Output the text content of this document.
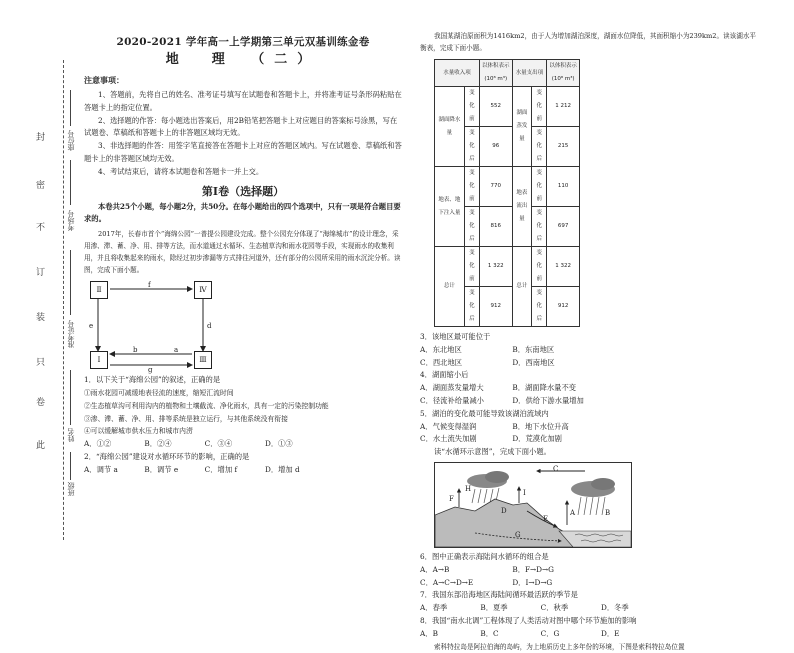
封
密
不
订
装
只
卷
此
座位号
考场号
准考证号
姓名
班级
2020-2021 学年高一上学期第三单元双基训练金卷
地　理　（二）
注意事项：
1、答题前，先将自己的姓名、准考证号填写在试题卷和答题卡上，并将准考证号条形码粘贴在答题卡上的指定位置。
2、选择题的作答：每小题选出答案后，用2B铅笔把答题卡上对应题目的答案标号涂黑，写在试题卷、草稿纸和答题卡上的非答题区域均无效。
3、非选择题的作答：用签字笔直接答在答题卡上对应的答题区域内。写在试题卷、草稿纸和答题卡上的非答题区域均无效。
4、考试结束后，请将本试题卷和答题卡一并上交。
第Ⅰ卷（选择题）
本卷共25个小题，每小题2分，共50分。在每小题给出的四个选项中，只有一项是符合题目要求的。
2017年，长春市首个“海绵公园”一普提公园建设完成。整个公园充分体现了“海绵城市”的设计理念，采用渗、滞、蓄、净、用、排等方法，而水道通过水循环、生态植草沟和雨水花园等手段，实现雨水的收集利用，并且将收集起来的雨水，除经过初步渗漏等方式排往河道外，还有部分的公园所采用的雨水沉淀分析。读图，完成下面小题。
Ⅱ	Ⅳ
Ⅰ	Ⅲ
f
e	d
b	a
g
1．以下关于“海绵公园”的叙述，正确的是
①雨水花园可减缓地表径流的速度，缩短汇流时间
②生态植草沟可利用沟内的植物和土壤截流、净化雨水，具有一定的污染控制功能
③渗、滞、蓄、净、用、排等系统是独立运行，与其他系统没有衔接
④可以缓解城市供水压力和城市内涝
A．①②	B．②④	C．③④	D．①③
2．“海绵公园”建设对水循环环节的影响，正确的是
A．调节 a	B．调节 e	C．增加 f	D．增加 d
我国某湖泊原面积为1416km2，由于人为增加湖泊深度，湖面水位降低，其面积缩小为239km2。读该湖水平衡表，完成下面小题。
水量收入项		以体积表示(10⁸ m³)	水量支出项		以体积表示(10⁸ m³)
湖面降水量	变化前	552	湖面蒸发量	变化前	1 212
	变化后	96		变化后	215
地表、地下注入量	变化前	770	地表流出量	变化前	110
	变化后	816		变化后	697
总计	变化前	1 322	总计	变化前	1 322
	变化后	912		变化后	912
3．该地区最可能位于
A．东北地区	B．东南地区
C．西北地区	D．西南地区
4．湖面缩小后
A．湖面蒸发量增大	B．湖面降水量不变
C．径流补给量减小	D．供给下游水量增加
5．湖泊的变化最可能导致该湖泊流域内
A．气候变得湿润	B．地下水位升高
C．水土流失加剧	D．荒漠化加剧
读“水循环示意图”，完成下面小题。
C
A	B
D
E
F
G
H	I
6．图中正确表示海陆间水循环的组合是
A．A→B	B．F→D→G
C．A→C→D→E	D．I→D→G
7．我国东部沿海地区海陆间循环最活跃的季节是
A．春季	B．夏季	C．秋季	D．冬季
8．我国“南水北调”工程体现了人类活动对图中哪个环节施加的影响
A．B	B．C	C．G	D．E
索科特拉岛是阿拉伯海的岛屿，为上地质历史上多年份的环境，下图是索科特拉岛位置
